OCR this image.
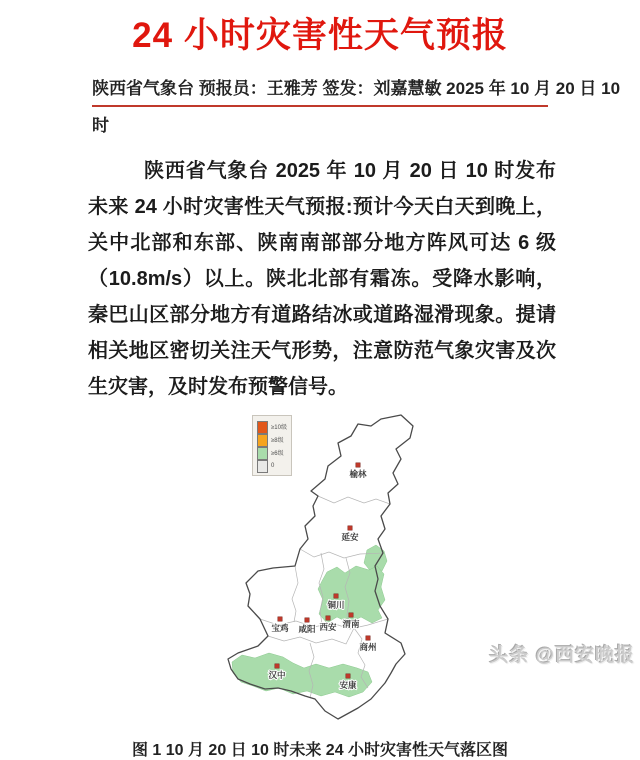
24 小时灾害性天气预报
陕西省气象台 预报员：王雅芳 签发：刘嘉慧敏 2025 年 10 月 20 日 10
时

陕西省气象台 2025 年 10 月 20 日 10 时发布未来 24 小时灾害性天气预报:预计今天白天到晚上，关中北部和东部、陕南南部部分地方阵风可达 6 级（10.8m/s）以上。陕北北部有霜冻。受降水影响，秦巴山区部分地方有道路结冰或道路湿滑现象。提请相关地区密切关注天气形势，注意防范气象灾害及次生灾害，及时发布预警信号。

≥10级
≥8级
≥6级
0
榆林
延安
铜川
咸阳 西安 渭南
宝鸡
商州
汉中
安康
图 1 10 月 20 日 10 时未来 24 小时灾害性天气落区图
头条 @西安晚报
